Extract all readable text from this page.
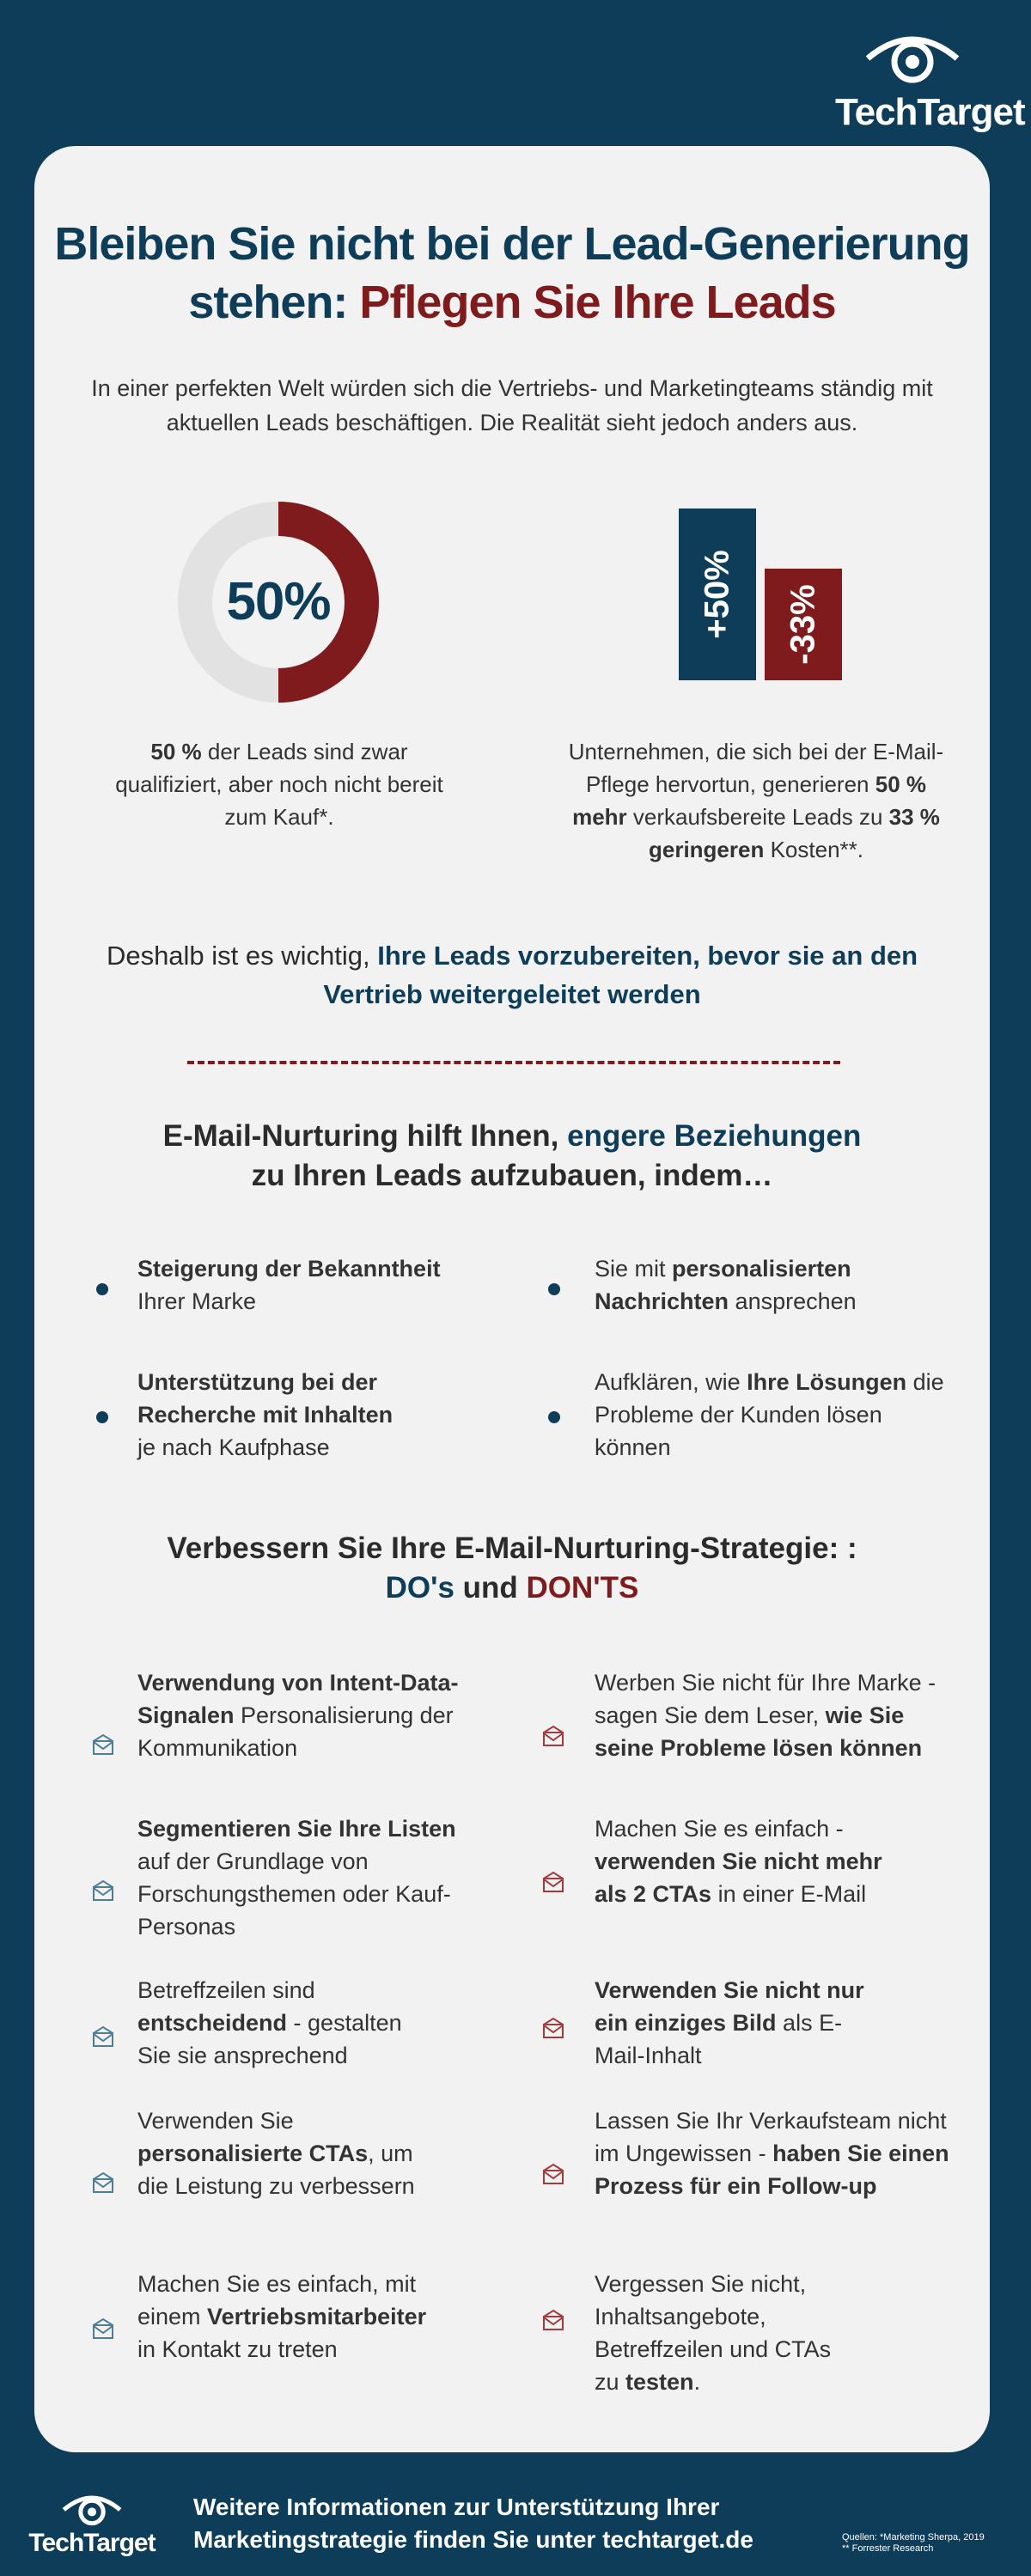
TechTarget
Bleiben Sie nicht bei der Lead-Generierung
stehen: Pflegen Sie Ihre Leads
In einer perfekten Welt würden sich die Vertriebs- und Marketingteams ständig mit aktuellen Leads beschäftigen. Die Realität sieht jedoch anders aus.
50%
50 % der Leads sind zwar qualifiziert, aber noch nicht bereit zum Kauf*.
+50% -33%
Unternehmen, die sich bei der E-Mail-Pflege hervortun, generieren 50 % mehr verkaufsbereite Leads zu 33 % geringeren Kosten**.
Deshalb ist es wichtig, Ihre Leads vorzubereiten, bevor sie an den Vertrieb weitergeleitet werden
E-Mail-Nurturing hilft Ihnen, engere Beziehungen
zu Ihren Leads aufzubauen, indem…
Steigerung der Bekanntheit
Ihrer Marke
Sie mit personalisierten Nachrichten ansprechen
Unterstützung bei der Recherche mit Inhalten
je nach Kaufphase
Aufklären, wie Ihre Lösungen die Probleme der Kunden lösen können
Verbessern Sie Ihre E-Mail-Nurturing-Strategie: :
DO's und DON'TS
Verwendung von Intent-Data-Signalen Personalisierung der Kommunikation
Segmentieren Sie Ihre Listen auf der Grundlage von Forschungsthemen oder Kauf-Personas
Betreffzeilen sind entscheidend - gestalten Sie sie ansprechend
Verwenden Sie personalisierte CTAs, um die Leistung zu verbessern
Machen Sie es einfach, mit einem Vertriebsmitarbeiter in Kontakt zu treten
Werben Sie nicht für Ihre Marke - sagen Sie dem Leser, wie Sie seine Probleme lösen können
Machen Sie es einfach - verwenden Sie nicht mehr als 2 CTAs in einer E-Mail
Verwenden Sie nicht nur ein einziges Bild als E-Mail-Inhalt
Lassen Sie Ihr Verkaufsteam nicht im Ungewissen - haben Sie einen Prozess für ein Follow-up
Vergessen Sie nicht, Inhaltsangebote, Betreffzeilen und CTAs zu testen.
TechTarget
Weitere Informationen zur Unterstützung Ihrer
Marketingstrategie finden Sie unter techtarget.de	Quellen: *Marketing Sherpa, 2019
** Forrester Research
